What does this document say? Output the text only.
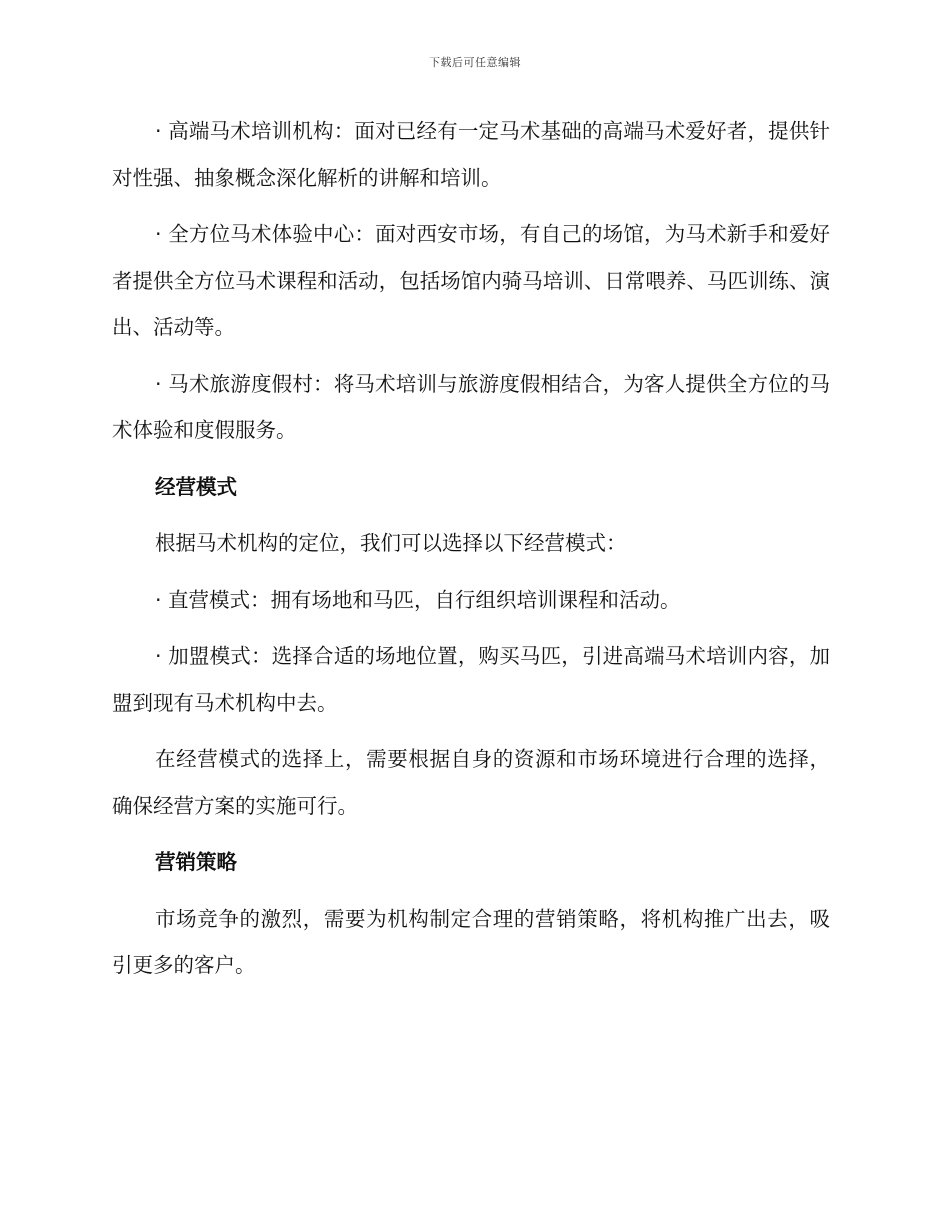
下载后可任意编辑

· 高端马术培训机构：面对已经有一定马术基础的高端马术爱好者，提供针对性强、抽象概念深化解析的讲解和培训。

· 全方位马术体验中心：面对西安市场，有自己的场馆，为马术新手和爱好者提供全方位马术课程和活动，包括场馆内骑马培训、日常喂养、马匹训练、演出、活动等。

· 马术旅游度假村：将马术培训与旅游度假相结合，为客人提供全方位的马术体验和度假服务。

经营模式

根据马术机构的定位，我们可以选择以下经营模式：

· 直营模式：拥有场地和马匹，自行组织培训课程和活动。

· 加盟模式：选择合适的场地位置，购买马匹，引进高端马术培训内容，加盟到现有马术机构中去。

在经营模式的选择上，需要根据自身的资源和市场环境进行合理的选择，确保经营方案的实施可行。

营销策略

市场竞争的激烈，需要为机构制定合理的营销策略，将机构推广出去，吸引更多的客户。
